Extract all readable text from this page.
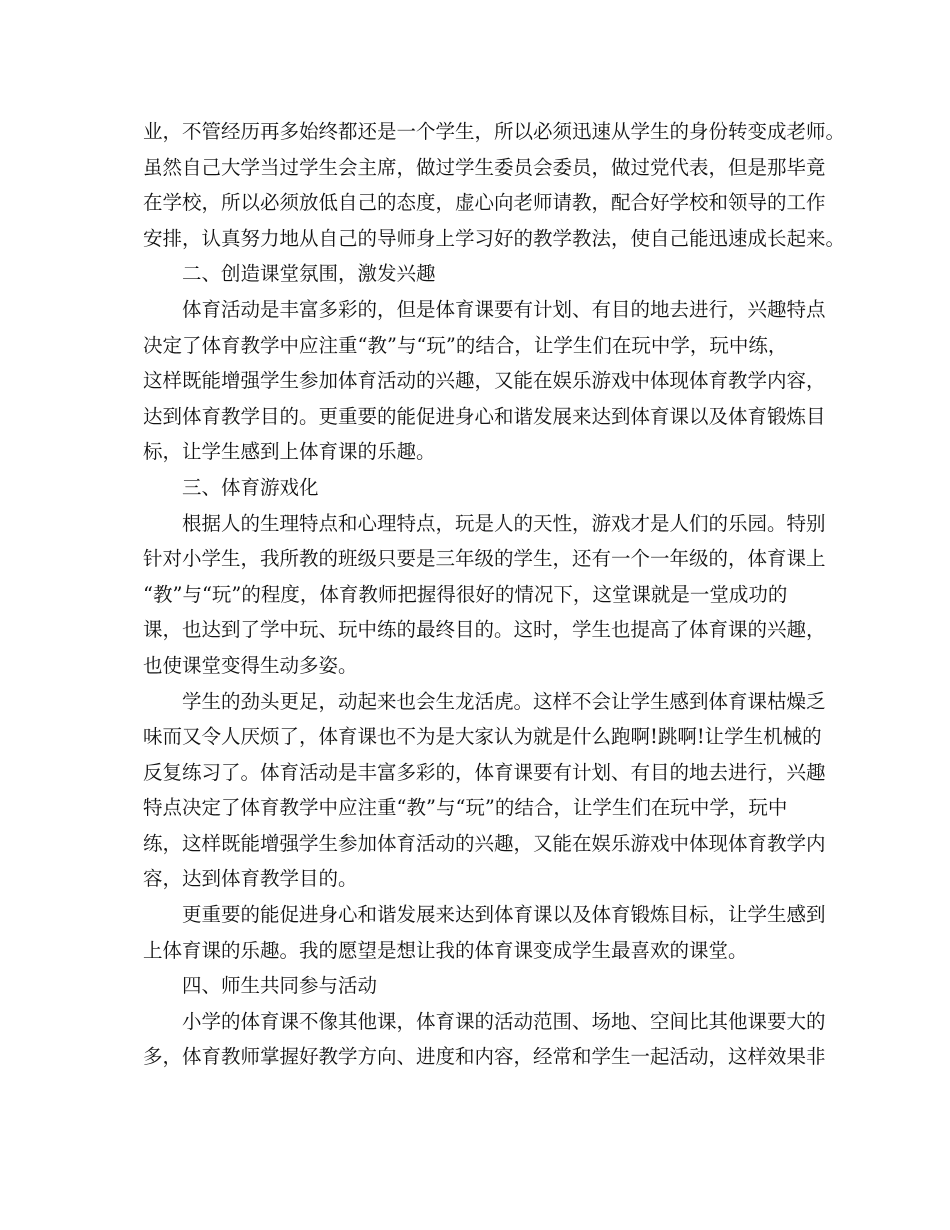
业，不管经历再多始终都还是一个学生，所以必须迅速从学生的身份转变成老师。
虽然自己大学当过学生会主席，做过学生委员会委员，做过党代表，但是那毕竟
在学校，所以必须放低自己的态度，虚心向老师请教，配合好学校和领导的工作
安排，认真努力地从自己的导师身上学习好的教学教法，使自己能迅速成长起来。
二、创造课堂氛围，激发兴趣
体育活动是丰富多彩的，但是体育课要有计划、有目的地去进行，兴趣特点
决定了体育教学中应注重“教”与“玩”的结合，让学生们在玩中学，玩中练，
这样既能增强学生参加体育活动的兴趣，又能在娱乐游戏中体现体育教学内容，
达到体育教学目的。更重要的能促进身心和谐发展来达到体育课以及体育锻炼目
标，让学生感到上体育课的乐趣。
三、体育游戏化
根据人的生理特点和心理特点，玩是人的天性，游戏才是人们的乐园。特别
针对小学生，我所教的班级只要是三年级的学生，还有一个一年级的，体育课上
“教”与“玩”的程度，体育教师把握得很好的情况下，这堂课就是一堂成功的
课，也达到了学中玩、玩中练的最终目的。这时，学生也提高了体育课的兴趣，
也使课堂变得生动多姿。
学生的劲头更足，动起来也会生龙活虎。这样不会让学生感到体育课枯燥乏
味而又令人厌烦了，体育课也不为是大家认为就是什么跑啊!跳啊!让学生机械的
反复练习了。体育活动是丰富多彩的，体育课要有计划、有目的地去进行，兴趣
特点决定了体育教学中应注重“教”与“玩”的结合，让学生们在玩中学，玩中
练，这样既能增强学生参加体育活动的兴趣，又能在娱乐游戏中体现体育教学内
容，达到体育教学目的。
更重要的能促进身心和谐发展来达到体育课以及体育锻炼目标，让学生感到
上体育课的乐趣。我的愿望是想让我的体育课变成学生最喜欢的课堂。
四、师生共同参与活动
小学的体育课不像其他课，体育课的活动范围、场地、空间比其他课要大的
多，体育教师掌握好教学方向、进度和内容，经常和学生一起活动，这样效果非
